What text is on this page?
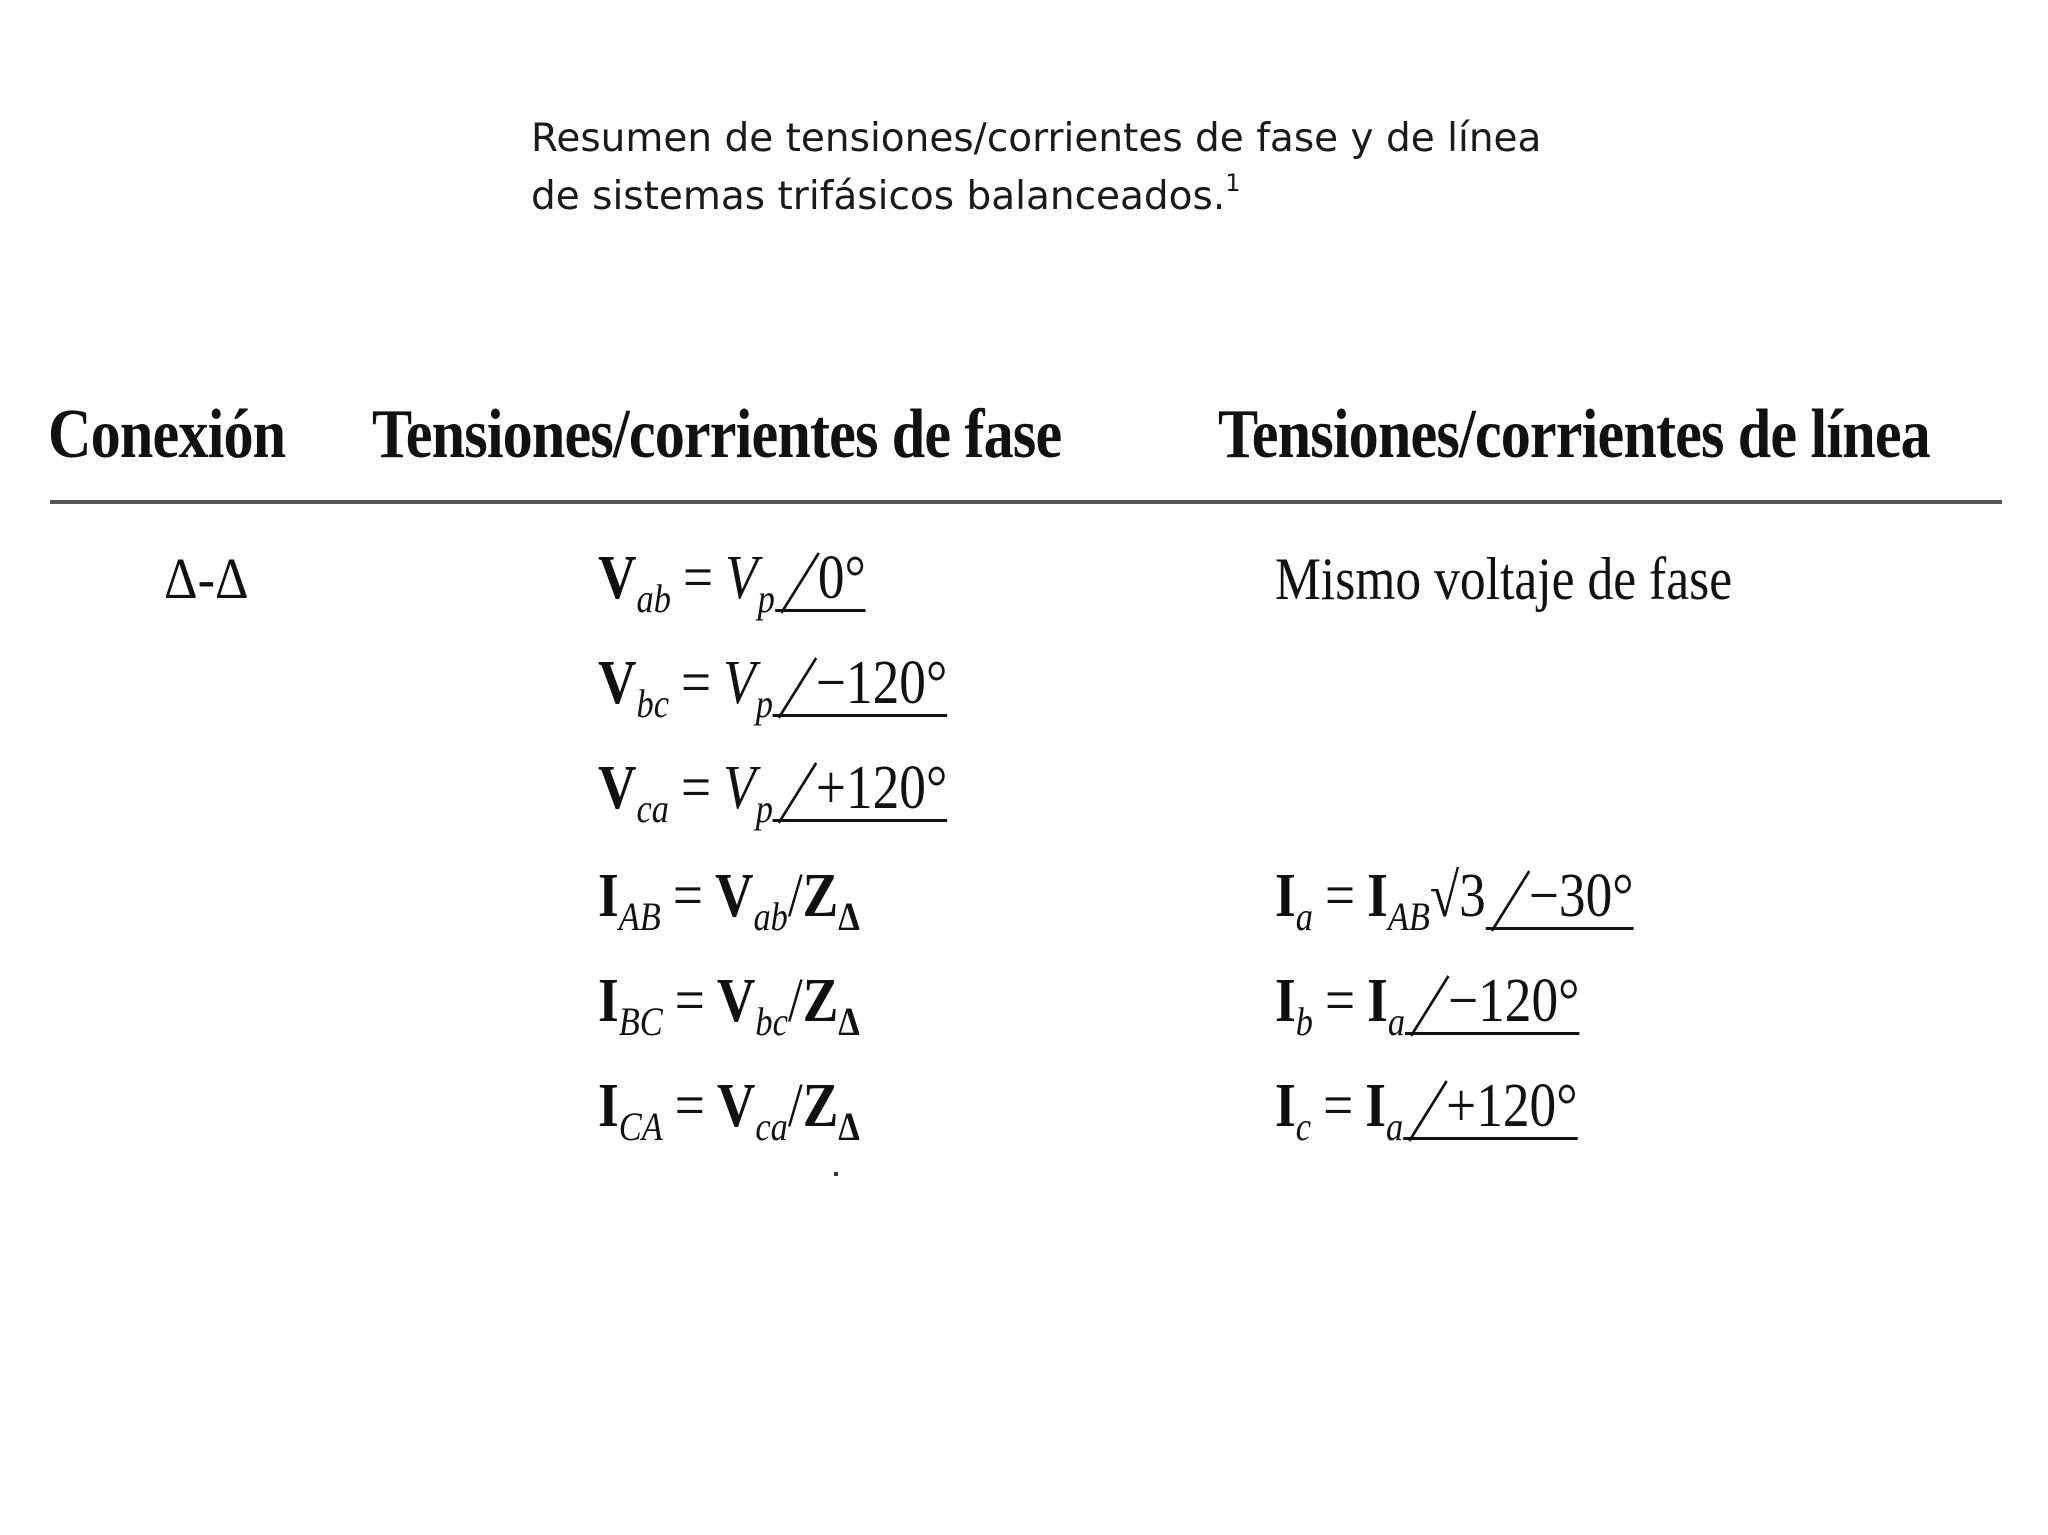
Resumen de tensiones/corrientes de fase y de línea
de sistemas trifásicos balanceados.$^1$
Conexión Tensiones/corrientes de fase Tensiones/corrientes de línea
Δ-Δ	$V_{ab} = V_p$ 0°
$V_{bc} = V_p -120^\circ$
$V_{ca} = V_p +120^\circ$
$I_{AB} = V_{ab}/Z_\Delta$
$I_{BC} = V_{bc}/Z_\Delta$
$I_{CA} = V_{ca}/Z_\Delta$
Mismo voltaje de fase
$I_a = I_{AB}√3 -30^\circ$
$I_b = I_a -120^\circ$
$I_c = I_a +120^\circ$
